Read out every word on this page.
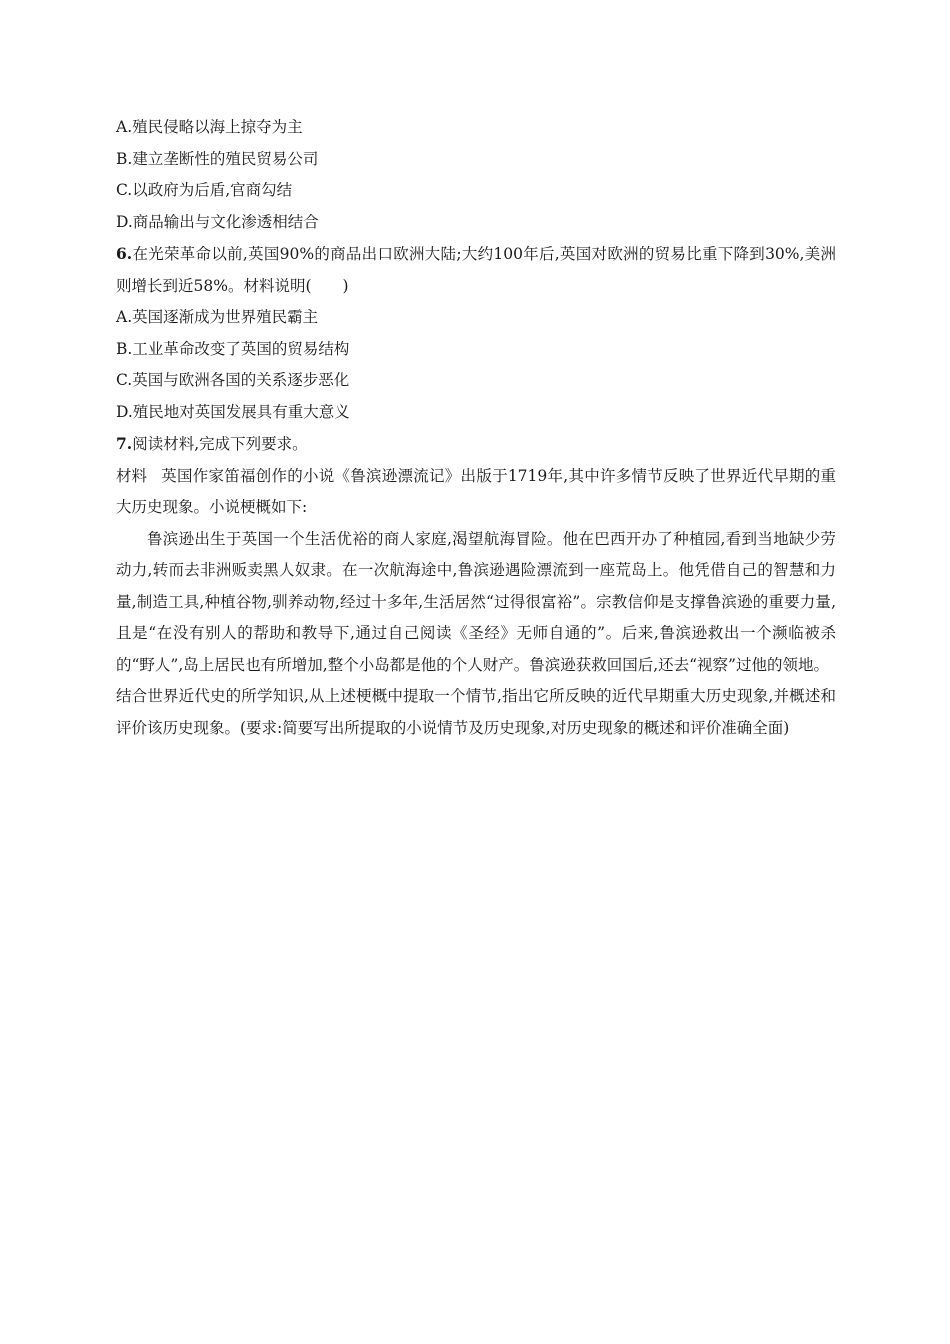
A.殖民侵略以海上掠夺为主
B.建立垄断性的殖民贸易公司
C.以政府为后盾,官商勾结
D.商品输出与文化渗透相结合
6.在光荣革命以前,英国90%的商品出口欧洲大陆;大约100年后,英国对欧洲的贸易比重下降到30%,美洲则增长到近58%。材料说明(　　)
A.英国逐渐成为世界殖民霸主
B.工业革命改变了英国的贸易结构
C.英国与欧洲各国的关系逐步恶化
D.殖民地对英国发展具有重大意义
7.阅读材料,完成下列要求。
材料 英国作家笛福创作的小说《鲁滨逊漂流记》出版于1719年,其中许多情节反映了世界近代早期的重大历史现象。小说梗概如下:
鲁滨逊出生于英国一个生活优裕的商人家庭,渴望航海冒险。他在巴西开办了种植园,看到当地缺少劳动力,转而去非洲贩卖黑人奴隶。在一次航海途中,鲁滨逊遇险漂流到一座荒岛上。他凭借自己的智慧和力量,制造工具,种植谷物,驯养动物,经过十多年,生活居然“过得很富裕”。宗教信仰是支撑鲁滨逊的重要力量,且是“在没有别人的帮助和教导下,通过自己阅读《圣经》无师自通的”。后来,鲁滨逊救出一个濒临被杀的“野人”,岛上居民也有所增加,整个小岛都是他的个人财产。鲁滨逊获救回国后,还去“视察”过他的领地。
结合世界近代史的所学知识,从上述梗概中提取一个情节,指出它所反映的近代早期重大历史现象,并概述和评价该历史现象。(要求:简要写出所提取的小说情节及历史现象,对历史现象的概述和评价准确全面)
